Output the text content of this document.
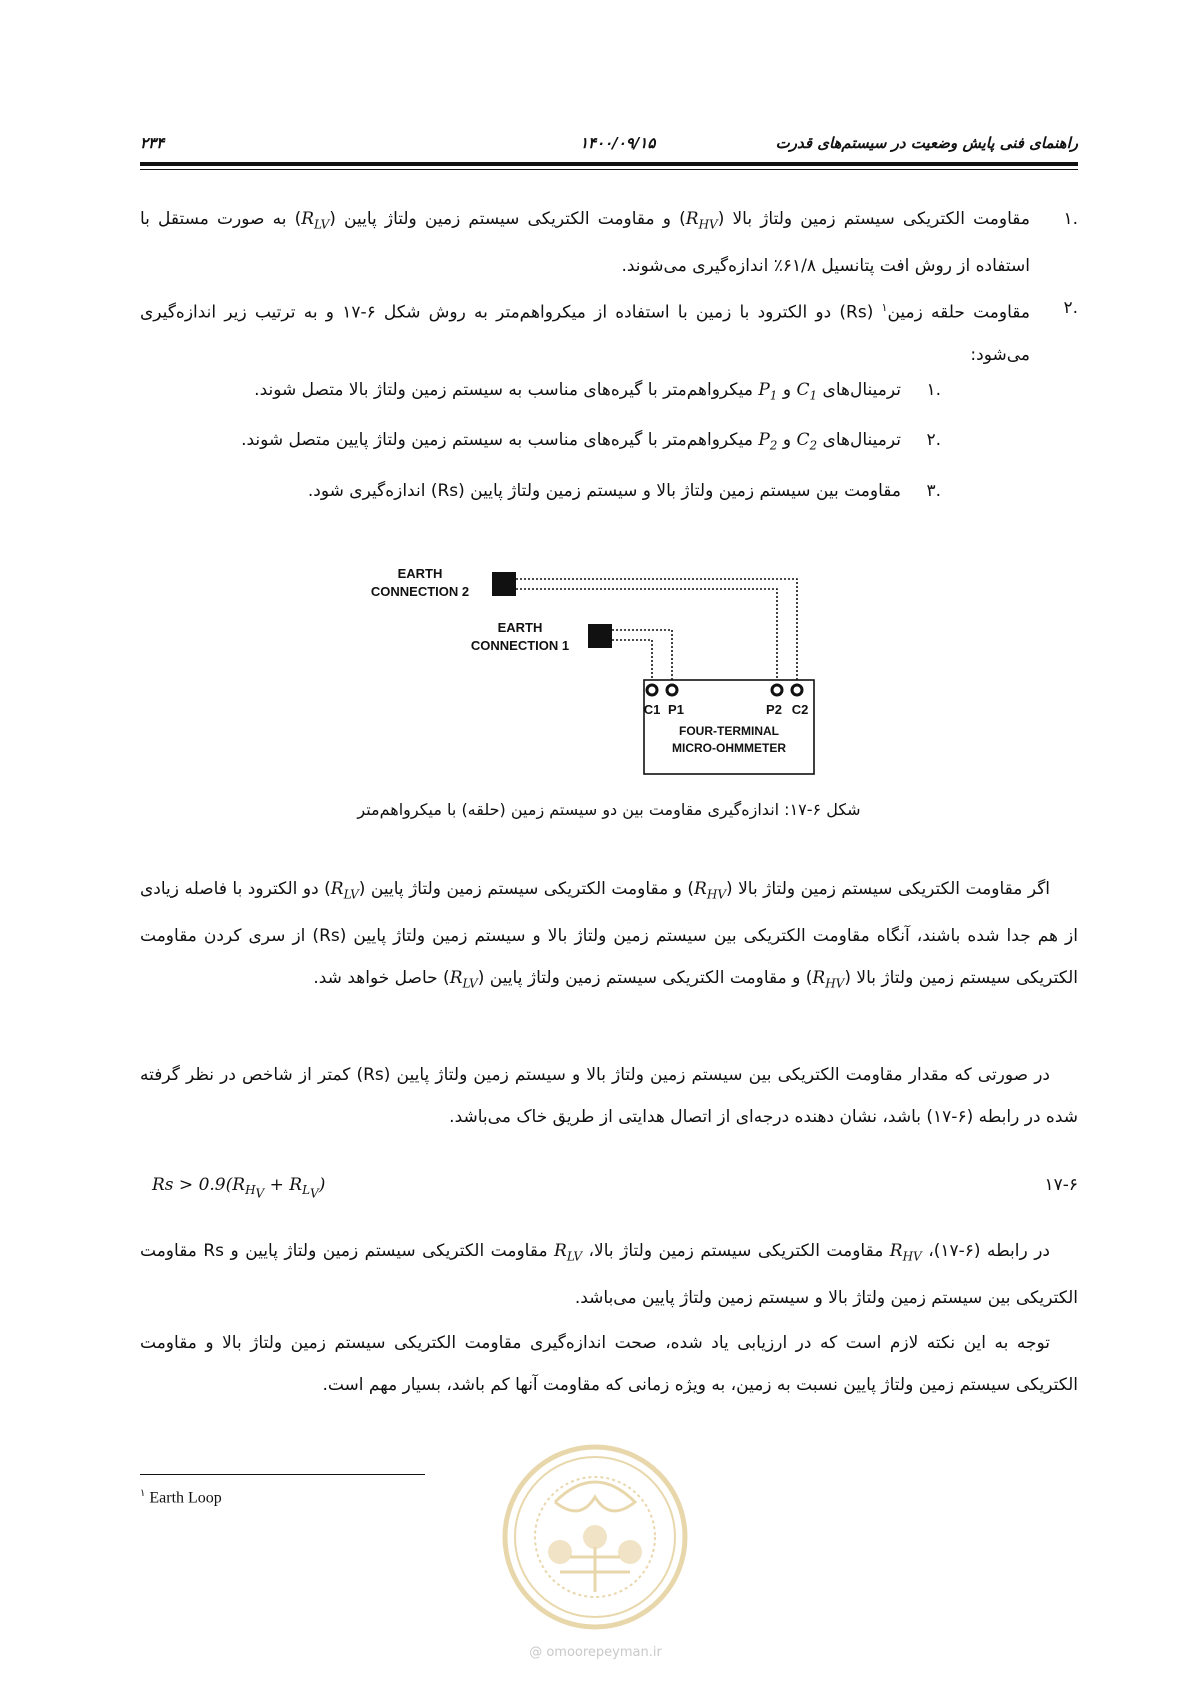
راهنمای فنی پایش وضعیت در سیستم‌های قدرت
۱۴۰۰/۰۹/۱۵
۲۳۴
.۱
مقاومت الکتریکی سیستم زمین ولتاژ بالا $(R_{HV})$ و مقاومت الکتریکی سیستم زمین ولتاژ پایین $(R_{LV})$ به صورت مستقل با استفاده از روش افت پتانسیل ۶۱/۸٪ اندازه‌گیری می‌شوند.
.۲
مقاومت حلقه زمین$^۱$ (Rs) دو الکترود با زمین با استفاده از میکرواهم‌متر به روش شکل ۶-۱۷ و به ترتیب زیر اندازه‌گیری می‌شود:
.۱
ترمینال‌های $C_1$ و $P_1$ میکرواهم‌متر با گیره‌های مناسب به سیستم زمین ولتاژ بالا متصل شوند.
.۲
ترمینال‌های $C_2$ و $P_2$ میکرواهم‌متر با گیره‌های مناسب به سیستم زمین ولتاژ پایین متصل شوند.
.۳
مقاومت بین سیستم زمین ولتاژ بالا و سیستم زمین ولتاژ پایین (Rs) اندازه‌گیری شود.
EARTH
CONNECTION 2
EARTH
CONNECTION 1
C1 P1	P2 C2
FOUR-TERMINAL
MICRO-OHMMETER
شکل ۶-۱۷: اندازه‌گیری مقاومت بین دو سیستم زمین (حلقه) با میکرواهم‌متر
اگر مقاومت الکتریکی سیستم زمین ولتاژ بالا $(R_{HV})$ و مقاومت الکتریکی سیستم زمین ولتاژ پایین $(R_{LV})$ دو الکترود با فاصله زیادی از هم جدا شده باشند، آنگاه مقاومت الکتریکی بین سیستم زمین ولتاژ بالا و سیستم زمین ولتاژ پایین (Rs) از سری کردن مقاومت الکتریکی سیستم زمین ولتاژ بالا $(R_{HV})$ و مقاومت الکتریکی سیستم زمین ولتاژ پایین $(R_{LV})$ حاصل خواهد شد.
در صورتی که مقدار مقاومت الکتریکی بین سیستم زمین ولتاژ بالا و سیستم زمین ولتاژ پایین (Rs) کمتر از شاخص در نظر گرفته شده در رابطه (۶-۱۷) باشد، نشان دهنده درجه‌ای از اتصال هدایتی از طریق خاک می‌باشد.
$Rs > 0.9(R_{H_V} + R_{L_V})$	۱۷-۶
در رابطه (۶-۱۷)، $R_{HV}$ مقاومت الکتریکی سیستم زمین ولتاژ بالا، $R_{LV}$ مقاومت الکتریکی سیستم زمین ولتاژ پایین و Rs مقاومت الکتریکی بین سیستم زمین ولتاژ بالا و سیستم زمین ولتاژ پایین می‌باشد.
توجه به این نکته لازم است که در ارزیابی یاد شده، صحت اندازه‌گیری مقاومت الکتریکی سیستم زمین ولتاژ بالا و مقاومت الکتریکی سیستم زمین ولتاژ پایین نسبت به زمین، به ویژه زمانی که مقاومت آنها کم باشد، بسیار مهم است.
$^۱$ Earth Loop
@ omoorepeyman.ir
